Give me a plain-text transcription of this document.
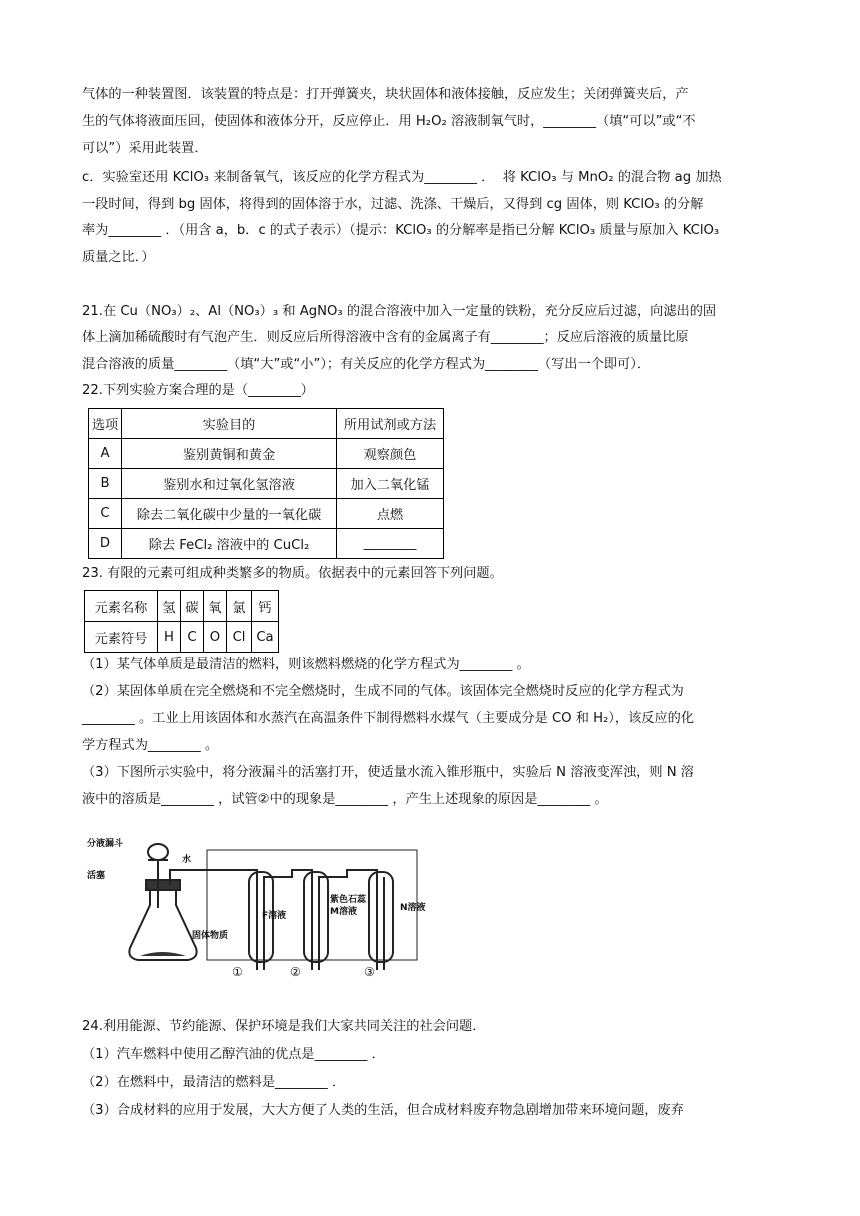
气体的一种装置图．该装置的特点是：打开弹簧夹，块状固体和液体接触，反应发生；关闭弹簧夹后，产

生的气体将液面压回，使固体和液体分开，反应停止．用 H₂O₂ 溶液制氧气时，________（填“可以”或“不

可以”）采用此装置．

c．实验室还用 KClO₃ 来制备氧气，该反应的化学方程式为________ ．  将 KClO₃ 与 MnO₂ 的混合物 ag 加热

一段时间，得到 bg 固体，将得到的固体溶于水，过滤、洗涤、干燥后，又得到 cg 固体，则 KClO₃ 的分解

率为________ ．（用含 a，b．c 的式子表示）（提示：KClO₃ 的分解率是指已分解 KClO₃ 质量与原加入 KClO₃

质量之比．）

21.在 Cu（NO₃）₂、Al（NO₃）₃ 和 AgNO₃ 的混合溶液中加入一定量的铁粉，充分反应后过滤，向滤出的固

体上滴加稀硫酸时有气泡产生．则反应后所得溶液中含有的金属离子有________；反应后溶液的质量比原

混合溶液的质量________（填“大”或“小”）；有关反应的化学方程式为________（写出一个即可）．

22.下列实验方案合理的是（________）

选项	实验目的	所用试剂或方法
A	鉴别黄铜和黄金	观察颜色
B	鉴别水和过氧化氢溶液	加入二氧化锰
C	除去二氧化碳中少量的一氧化碳	点燃
D	除去 FeCl₂ 溶液中的 CuCl₂	________

23. 有限的元素可组成种类繁多的物质。依据表中的元素回答下列问题。

元素名称	氢	碳	氧	氯	钙
元素符号	H	C	O	Cl	Ca

（1）某气体单质是最清洁的燃料，则该燃料燃烧的化学方程式为________ 。

（2）某固体单质在完全燃烧和不完全燃烧时，生成不同的气体。该固体完全燃烧时反应的化学方程式为

________ 。工业上用该固体和水蒸汽在高温条件下制得燃料水煤气（主要成分是 CO 和 H₂），该反应的化

学方程式为________ 。

（3）下图所示实验中，将分液漏斗的活塞打开，使适量水流入锥形瓶中，实验后 N 溶液变浑浊，则 N 溶

液中的溶质是________ ，试管②中的现象是________ ，产生上述现象的原因是________ 。

分液漏斗
活塞
水
固体物质
F溶液
紫色石蕊
M溶液	N溶液
①	②	③

24.利用能源、节约能源、保护环境是我们大家共同关注的社会问题．

（1）汽车燃料中使用乙醇汽油的优点是________ ．

（2）在燃料中，最清洁的燃料是________ ．

（3）合成材料的应用于发展，大大方便了人类的生活，但合成材料废弃物急剧增加带来环境问题，废弃
